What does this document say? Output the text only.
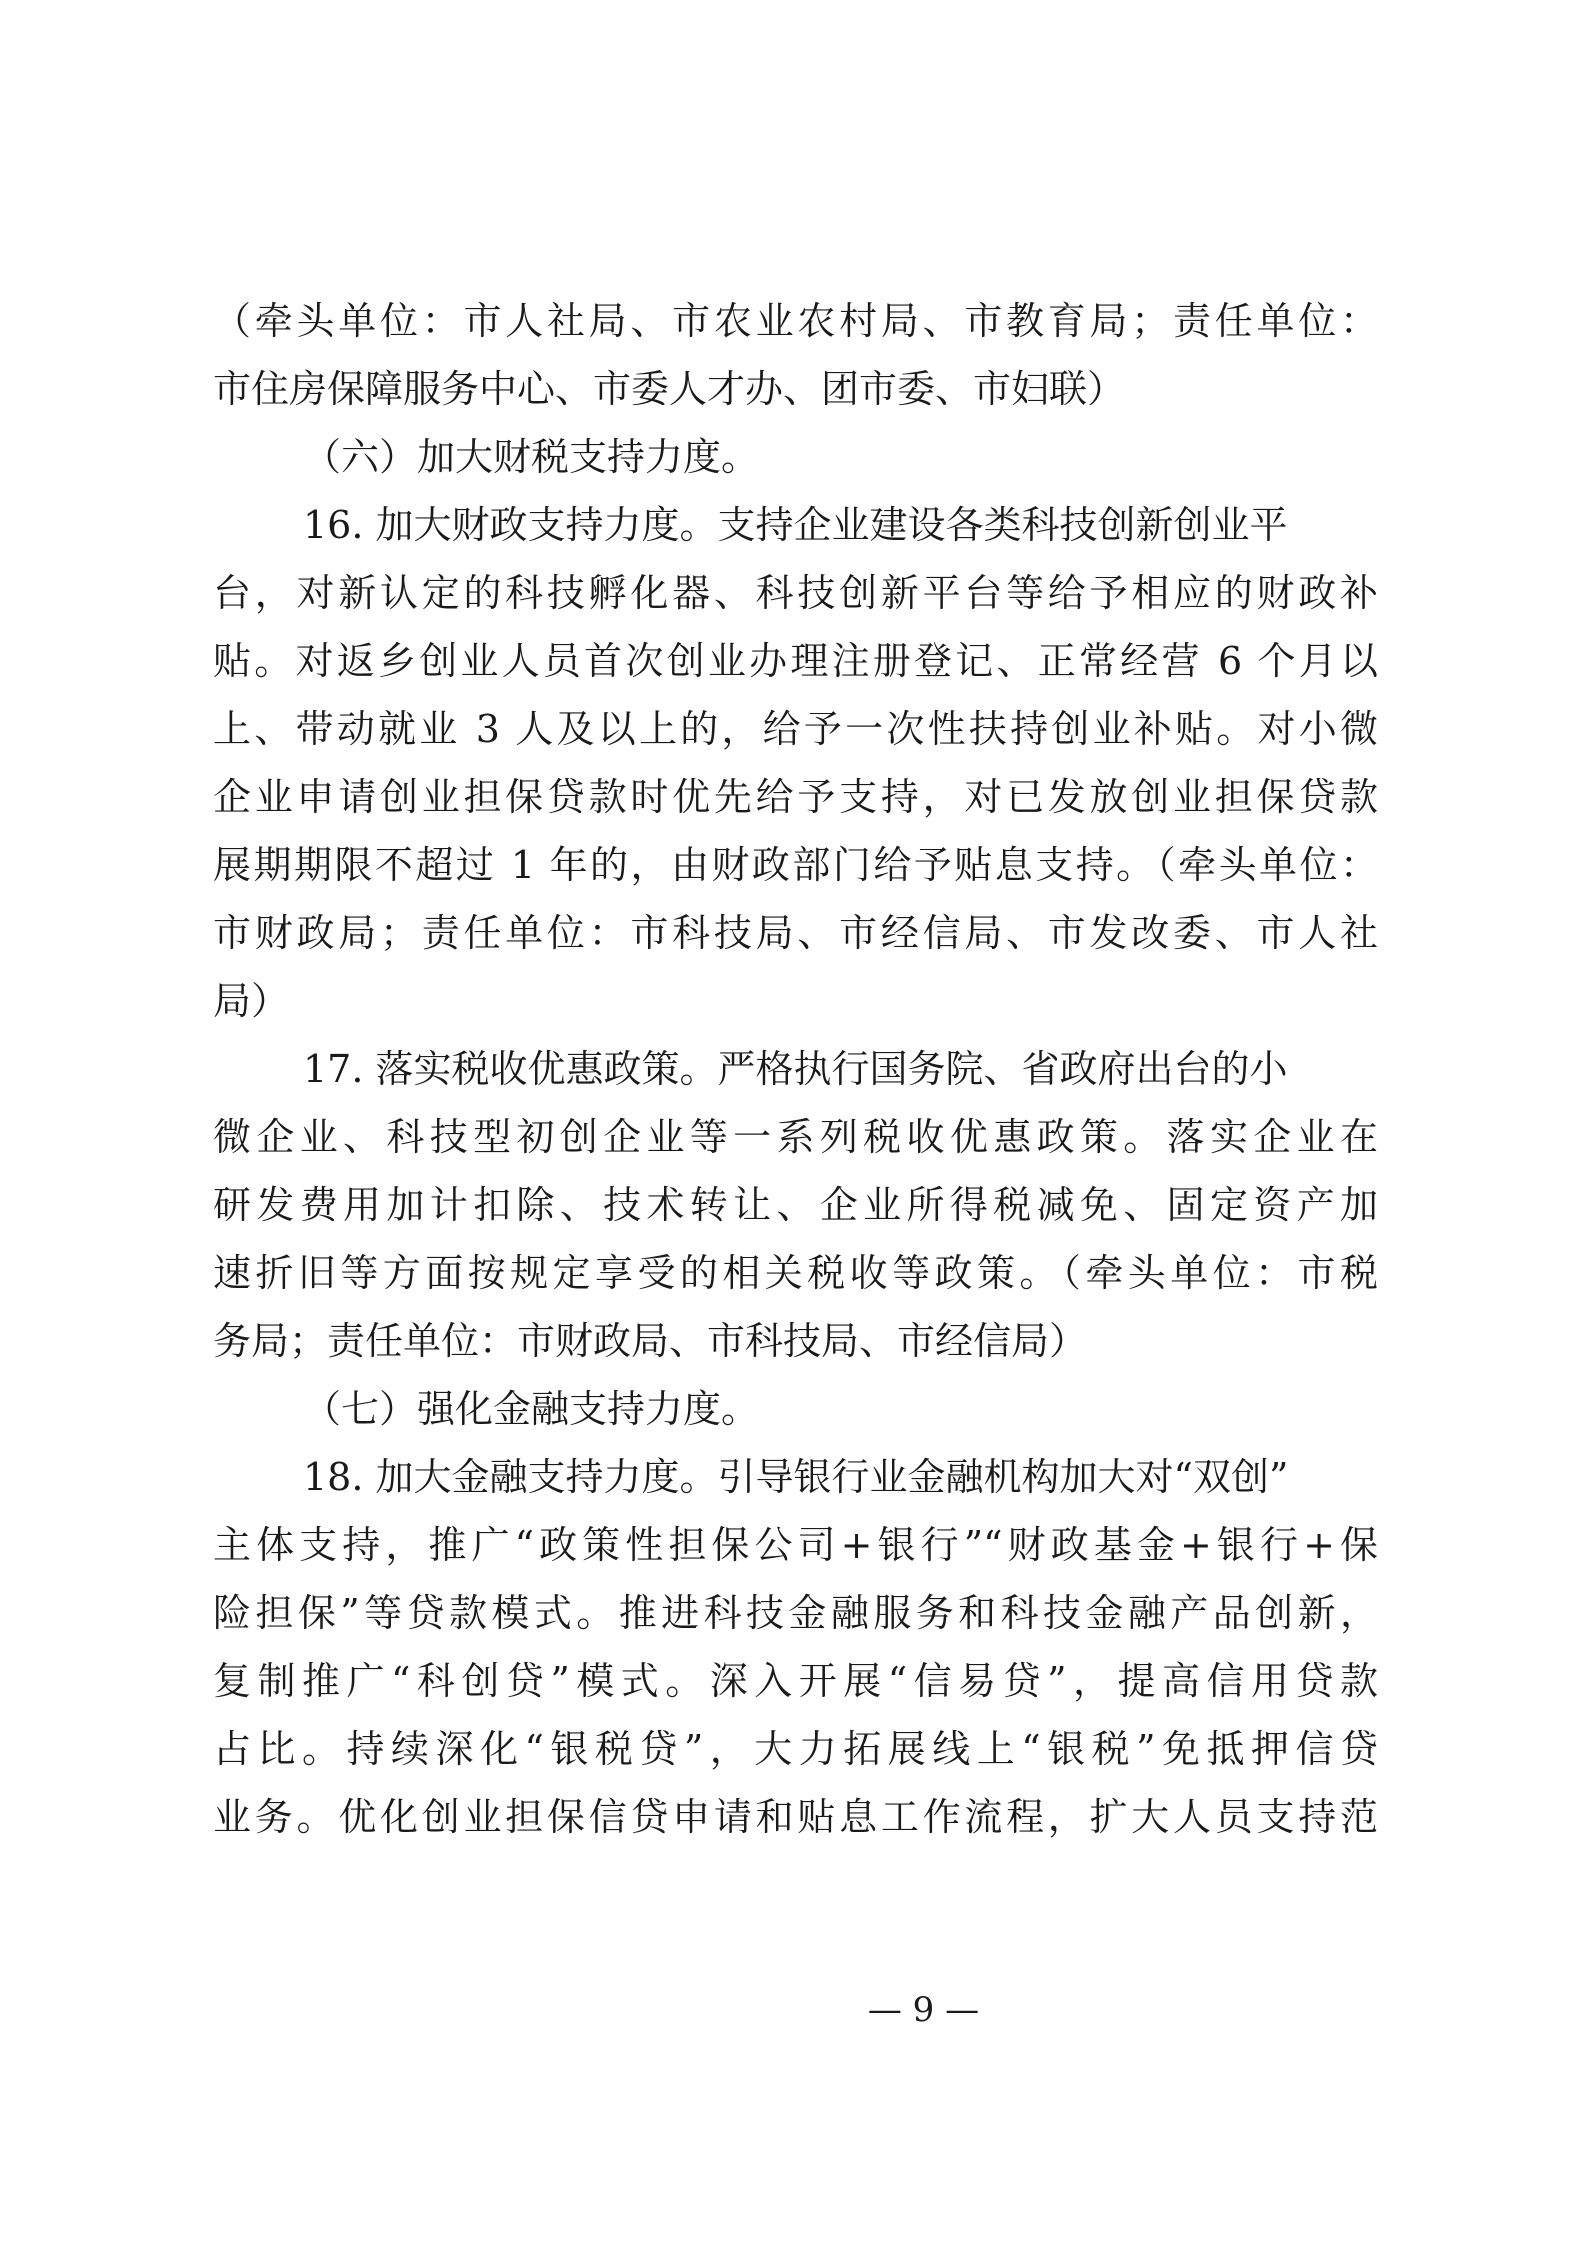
（牵头单位：市人社局、市农业农村局、市教育局；责任单位：
市住房保障服务中心、市委人才办、团市委、市妇联）
（六）加大财税支持力度。
16. 加大财政支持力度。支持企业建设各类科技创新创业平
台，对新认定的科技孵化器、科技创新平台等给予相应的财政补
贴。对返乡创业人员首次创业办理注册登记、正常经营 6 个月以
上、带动就业 3 人及以上的，给予一次性扶持创业补贴。对小微
企业申请创业担保贷款时优先给予支持，对已发放创业担保贷款
展期期限不超过 1 年的，由财政部门给予贴息支持。（牵头单位：
市财政局；责任单位：市科技局、市经信局、市发改委、市人社
局）
17. 落实税收优惠政策。严格执行国务院、省政府出台的小
微企业、科技型初创企业等一系列税收优惠政策。落实企业在
研发费用加计扣除、技术转让、企业所得税减免、固定资产加
速折旧等方面按规定享受的相关税收等政策。（牵头单位：市税
务局；责任单位：市财政局、市科技局、市经信局）
（七）强化金融支持力度。
18. 加大金融支持力度。引导银行业金融机构加大对“双创”
主体支持，推广“政策性担保公司+银行”“财政基金+银行+保
险担保”等贷款模式。推进科技金融服务和科技金融产品创新，
复制推广“科创贷”模式。深入开展“信易贷”，提高信用贷款
占比。持续深化“银税贷”，大力拓展线上“银税”免抵押信贷
业务。优化创业担保信贷申请和贴息工作流程，扩大人员支持范
— 9 —
